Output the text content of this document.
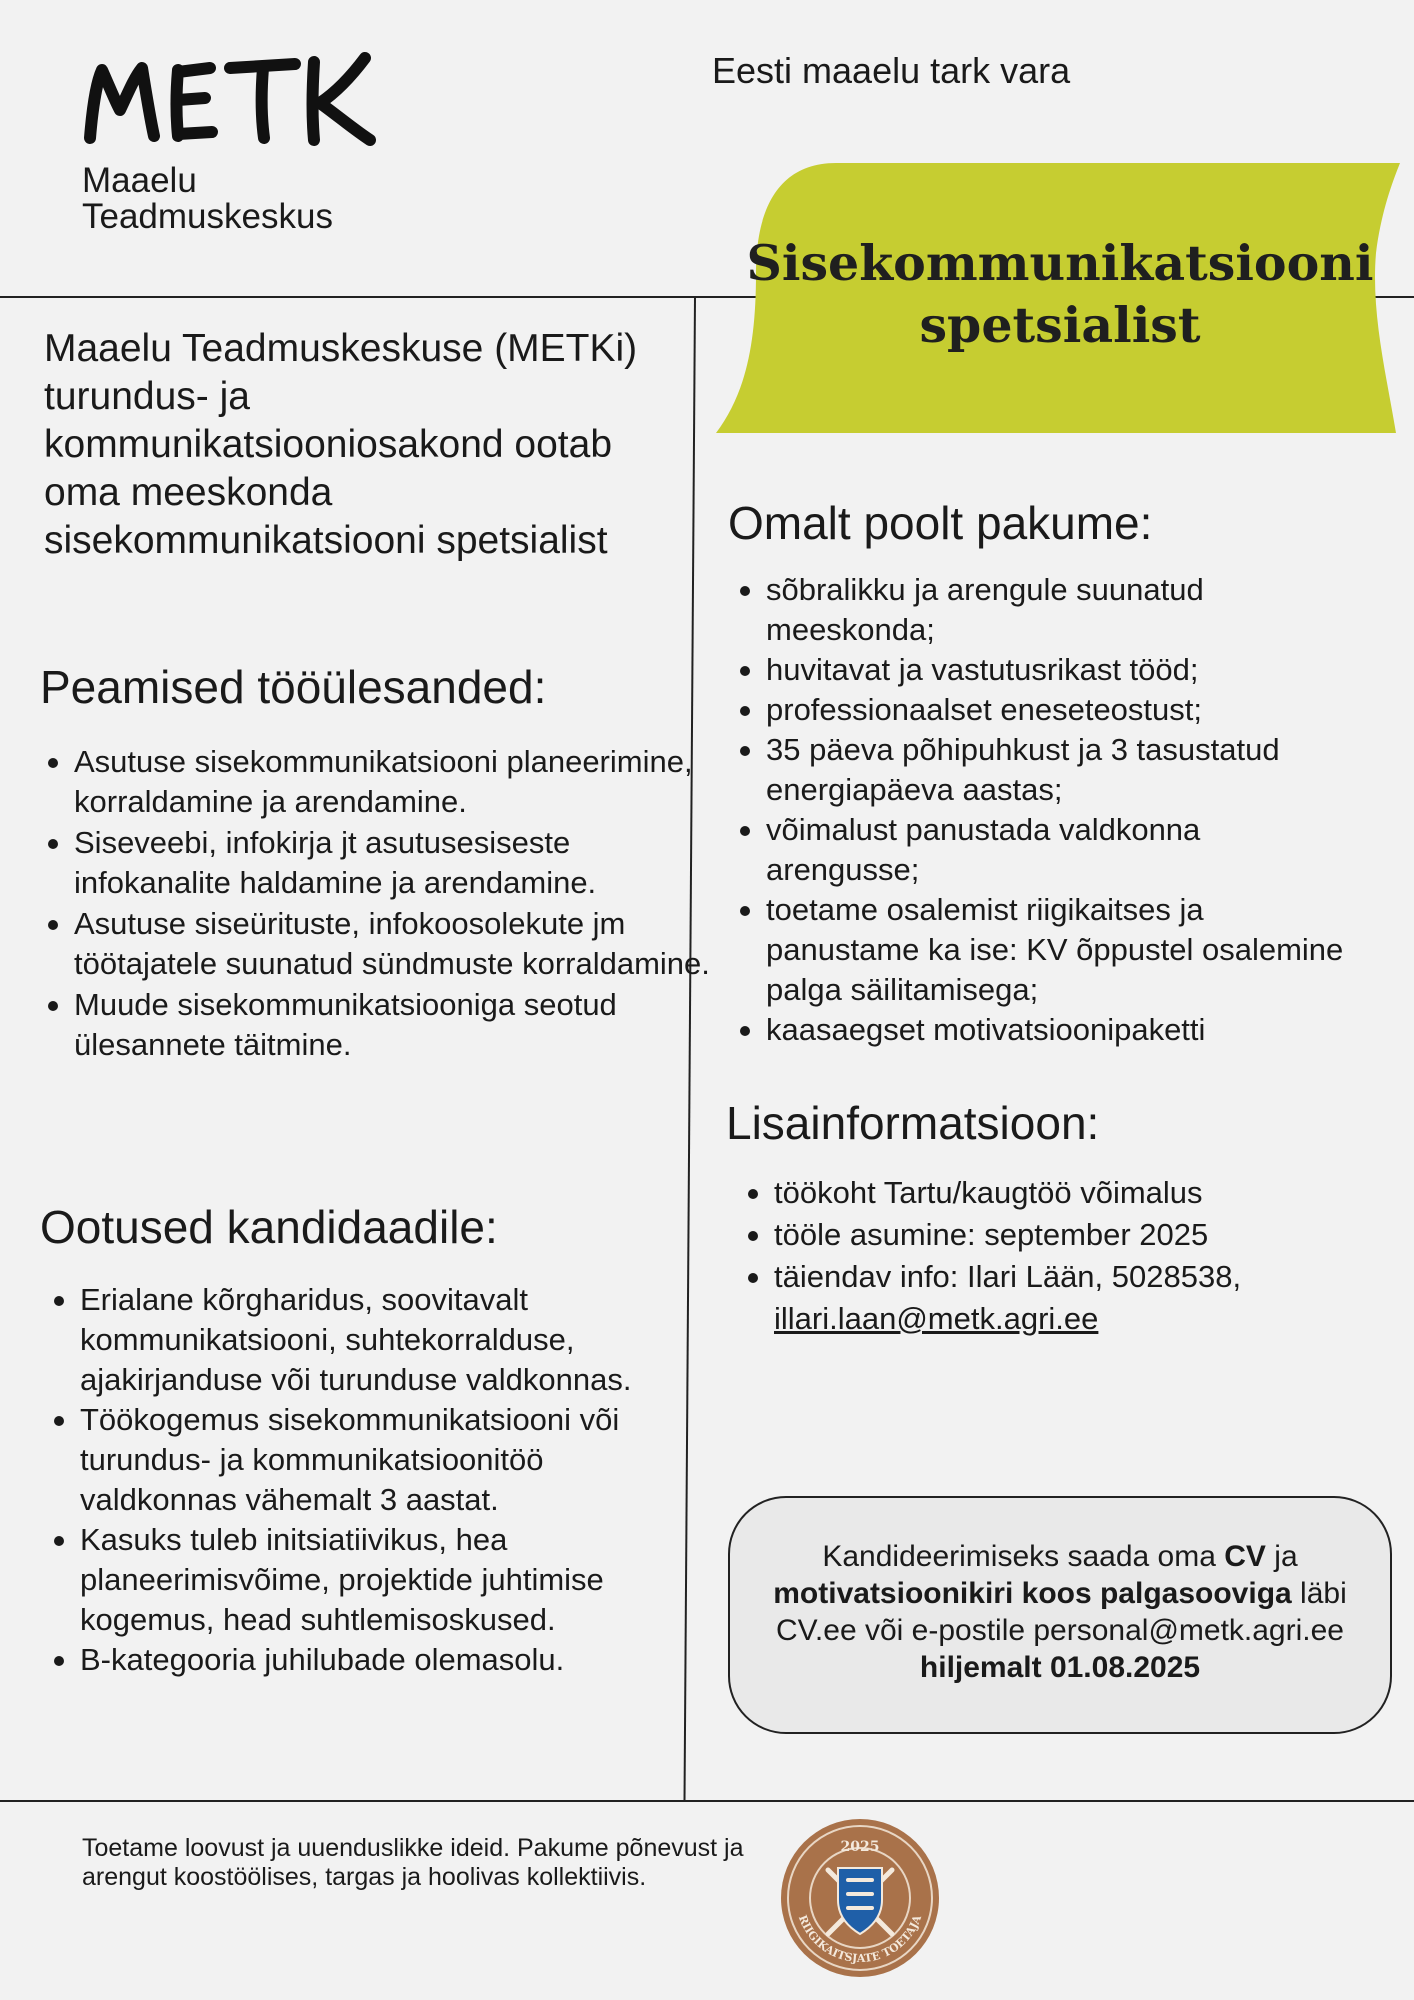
Maaelu
Teadmuskeskus
Eesti maaelu tark vara
Sisekommunikatsiooni
spetsialist
Maaelu Teadmuskeskuse (METKi) turundus- ja kommunikatsiooniosakond ootab oma meeskonda sisekommunikatsiooni spetsialist
Peamised tööülesanded:
Asutuse sisekommunikatsiooni planeerimine, korraldamine ja arendamine.
Siseveebi, infokirja jt asutusesiseste infokanalite haldamine ja arendamine.
Asutuse siseürituste, infokoosolekute jm töötajatele suunatud sündmuste korraldamine.
Muude sisekommunikatsiooniga seotud ülesannete täitmine.
Ootused kandidaadile:
Erialane kõrgharidus, soovitavalt kommunikatsiooni, suhtekorralduse, ajakirjanduse või turunduse valdkonnas.
Töökogemus sisekommunikatsiooni või turundus- ja kommunikatsioonitöö valdkonnas vähemalt 3 aastat.
Kasuks tuleb initsiatiivikus, hea planeerimisvõime, projektide juhtimise kogemus, head suhtlemisoskused.
B-kategooria juhilubade olemasolu.
Omalt poolt pakume:
sõbralikku ja arengule suunatud meeskonda;
huvitavat ja vastutusrikast tööd;
professionaalset eneseteostust;
35 päeva põhipuhkust ja 3 tasustatud energiapäeva aastas;
võimalust panustada valdkonna arengusse;
toetame osalemist riigikaitses ja panustame ka ise: KV õppustel osalemine palga säilitamisega;
kaasaegset motivatsioonipaketti
Lisainformatsioon:
töökoht Tartu/kaugtöö võimalus
tööle asumine: september 2025
täiendav info: Ilari Lään, 5028538,
illari.laan@metk.agri.ee
Kandideerimiseks saada oma CV ja motivatsioonikiri koos palgasooviga läbi CV.ee või e-postile personal@metk.agri.ee hiljemalt 01.08.2025
Toetame loovust ja uuenduslikke ideid. Pakume põnevust ja arengut koostöölises, targas ja hoolivas kollektiivis.
2025
RIIGIKAITSJATE TOETAJA
